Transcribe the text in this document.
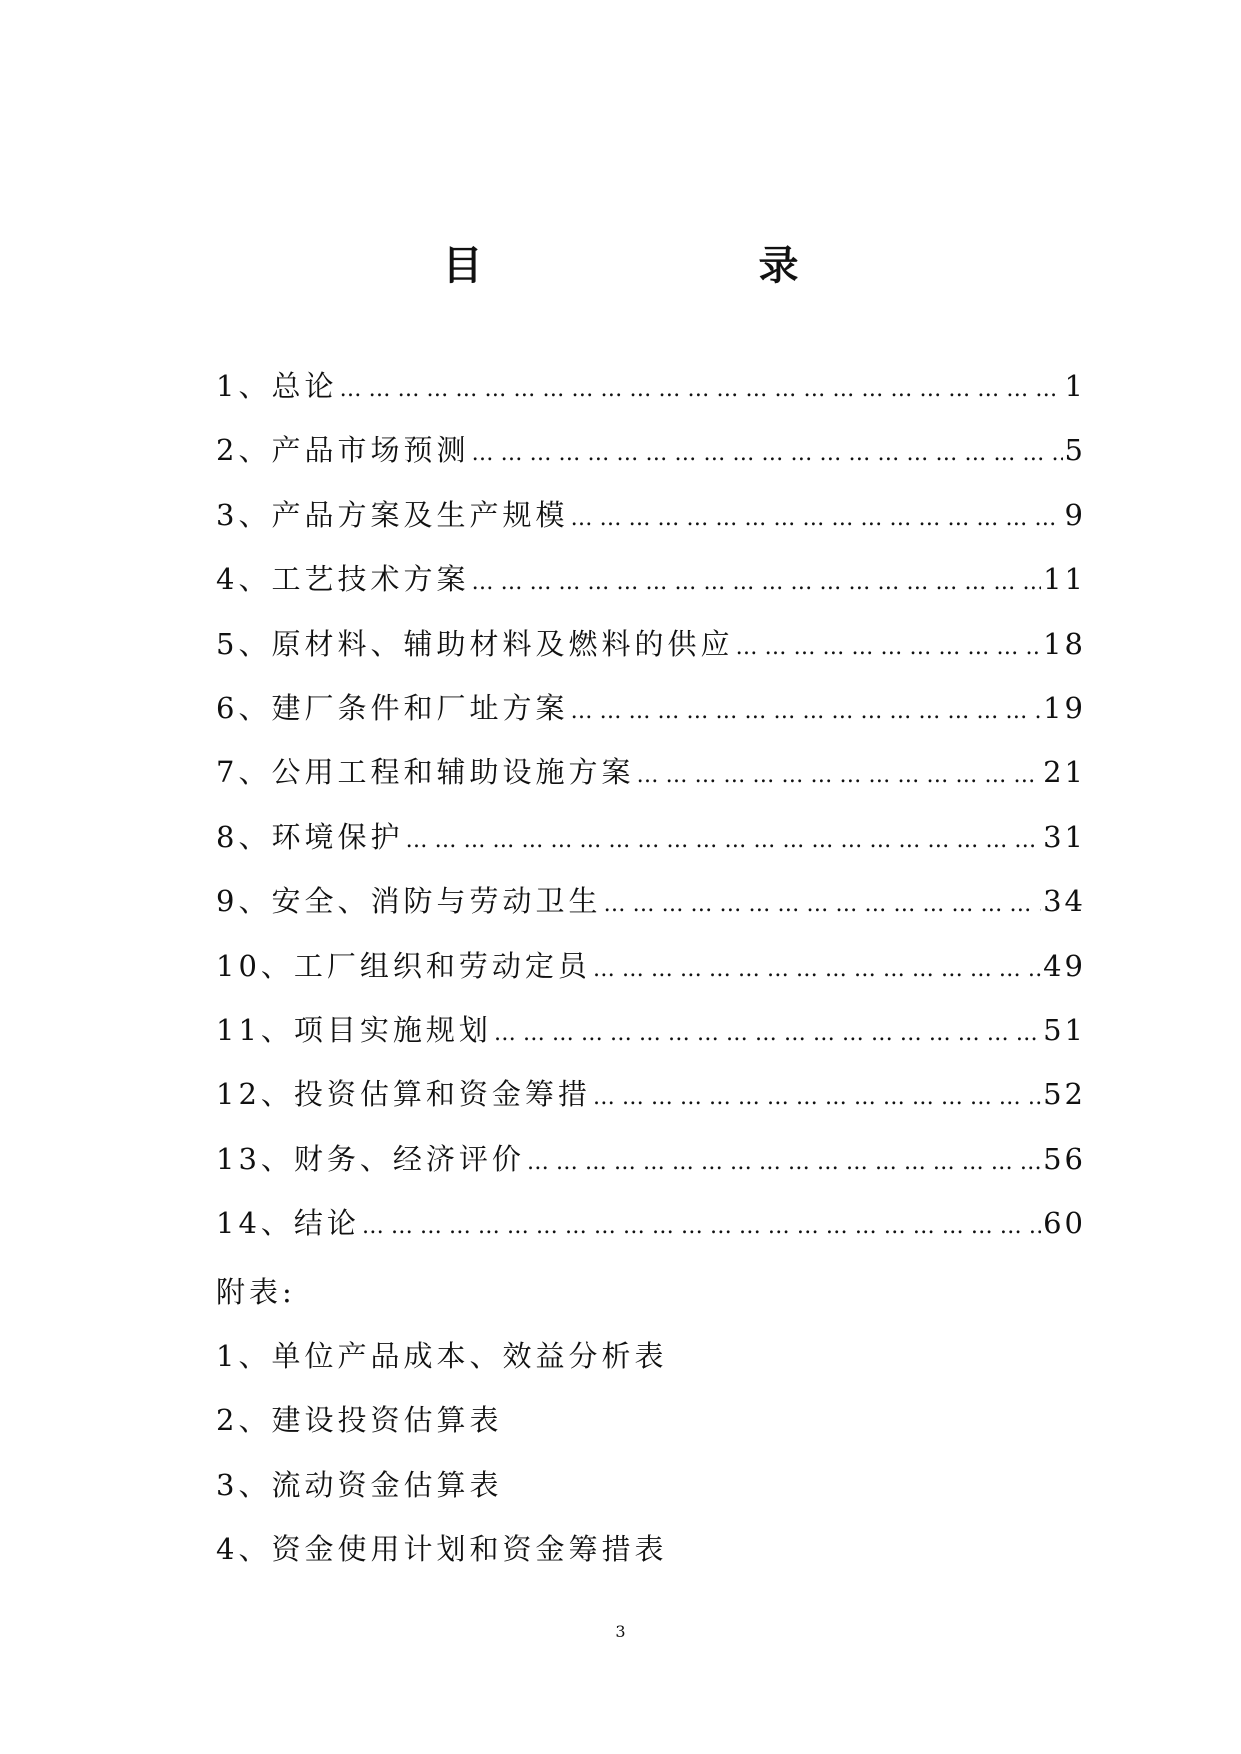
目　录
1、总论 … … … … … … … … … … … … … … … … … … … … … … … … … … … … … … … … … … … … … … … … … … … … … … … … … … … … … …	1
2、产品市场预测 … … … … … … … … … … … … … … … … … … … … … … … … … … … … … … … … … … … … … … … … … … … … … … … … … … … … … …	5
3、产品方案及生产规模 … … … … … … … … … … … … … … … … … … … … … … … … … … … … … … … … … … … … … … … … … … … … … … … … … … … … … …	9
4、工艺技术方案 … … … … … … … … … … … … … … … … … … … … … … … … … … … … … … … … … … … … … … … … … … … … … … … … … … … … … …	11
5、原材料、辅助材料及燃料的供应 … … … … … … … … … … … … … … … … … … … … … … … … … … … … … … … … … … … … … … … … … … … … … … … … … … … … … …	18
6、建厂条件和厂址方案 … … … … … … … … … … … … … … … … … … … … … … … … … … … … … … … … … … … … … … … … … … … … … … … … … … … … … …	19
7、公用工程和辅助设施方案 … … … … … … … … … … … … … … … … … … … … … … … … … … … … … … … … … … … … … … … … … … … … … … … … … … … … … …	21
8、环境保护 … … … … … … … … … … … … … … … … … … … … … … … … … … … … … … … … … … … … … … … … … … … … … … … … … … … … … …	31
9、安全、消防与劳动卫生 … … … … … … … … … … … … … … … … … … … … … … … … … … … … … … … … … … … … … … … … … … … … … … … … … … … … … …	34
10、工厂组织和劳动定员 … … … … … … … … … … … … … … … … … … … … … … … … … … … … … … … … … … … … … … … … … … … … … … … … … … … … … …	49
11、项目实施规划 … … … … … … … … … … … … … … … … … … … … … … … … … … … … … … … … … … … … … … … … … … … … … … … … … … … … … …	51
12、投资估算和资金筹措 … … … … … … … … … … … … … … … … … … … … … … … … … … … … … … … … … … … … … … … … … … … … … … … … … … … … … …	52
13、财务、经济评价 … … … … … … … … … … … … … … … … … … … … … … … … … … … … … … … … … … … … … … … … … … … … … … … … … … … … … …	56
14、结论 … … … … … … … … … … … … … … … … … … … … … … … … … … … … … … … … … … … … … … … … … … … … … … … … … … … … … …	60

附表:

1、单位产品成本、效益分析表
2、建设投资估算表
3、流动资金估算表
4、资金使用计划和资金筹措表
3
